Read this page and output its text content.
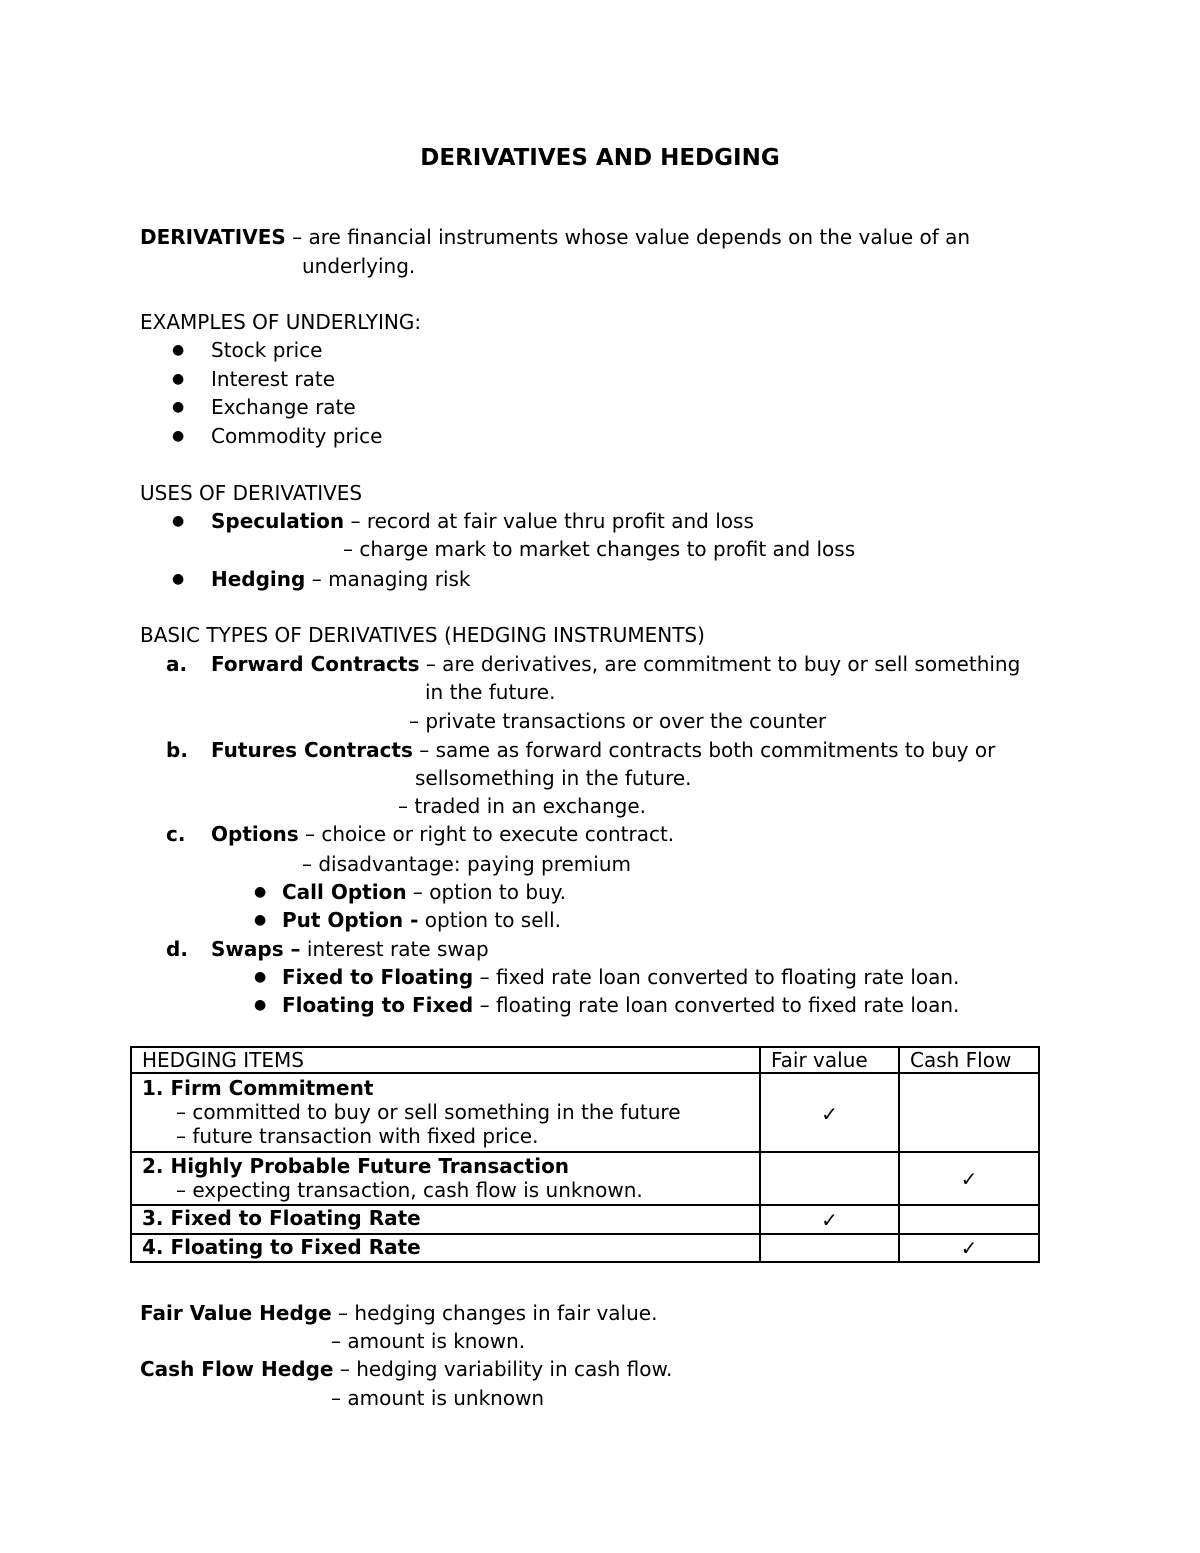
DERIVATIVES AND HEDGING
DERIVATIVES – are financial instruments whose value depends on the value of an
underlying.
EXAMPLES OF UNDERLYING:
● Stock price
● Interest rate
● Exchange rate
● Commodity price
USES OF DERIVATIVES
● Speculation – record at fair value thru profit and loss
– charge mark to market changes to profit and loss
● Hedging – managing risk
BASIC TYPES OF DERIVATIVES (HEDGING INSTRUMENTS)
a. Forward Contracts – are derivatives, are commitment to buy or sell something
in the future.
– private transactions or over the counter
b. Futures Contracts – same as forward contracts both commitments to buy or
sellsomething in the future.
– traded in an exchange.
c. Options – choice or right to execute contract.
– disadvantage: paying premium
● Call Option – option to buy.
● Put Option - option to sell.
d. Swaps – interest rate swap
● Fixed to Floating – fixed rate loan converted to floating rate loan.
● Floating to Fixed – floating rate loan converted to fixed rate loan.
HEDGING ITEMS	Fair value	Cash Flow
1. Firm Commitment
– committed to buy or sell something in the future
– future transaction with fixed price.	✓	
2. Highly Probable Future Transaction
– expecting transaction, cash flow is unknown.		✓
3. Fixed to Floating Rate	✓	
4. Floating to Fixed Rate		✓
Fair Value Hedge – hedging changes in fair value.
– amount is known.
Cash Flow Hedge – hedging variability in cash flow.
– amount is unknown
